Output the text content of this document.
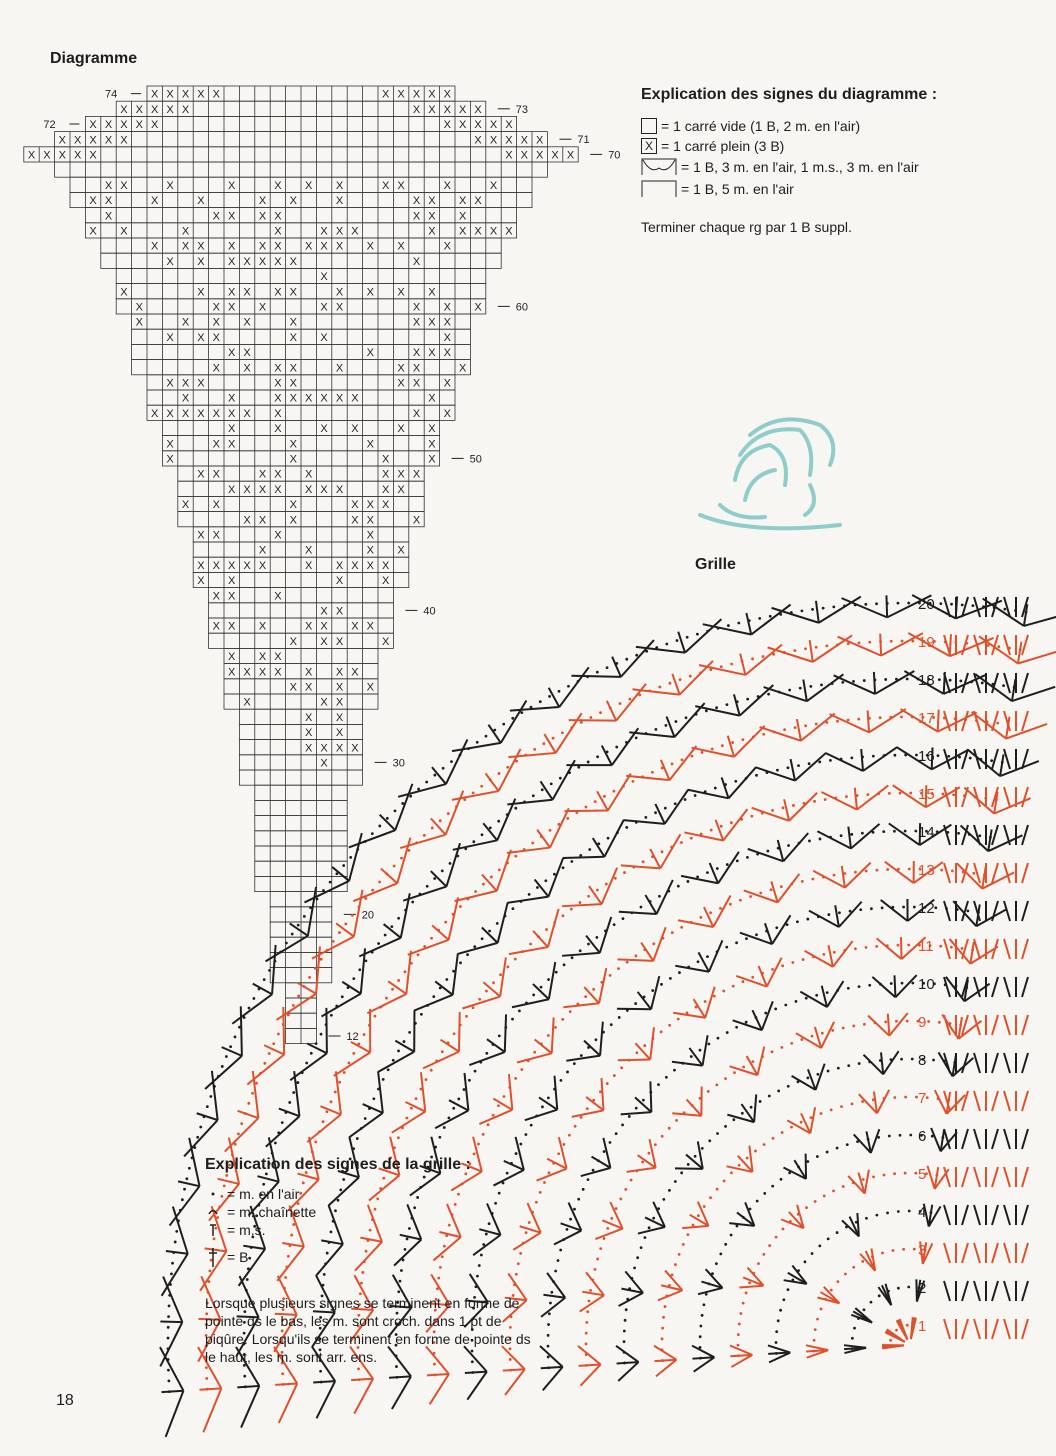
Diagramme
X X X X X	X X X X X
X X X X X	X X X X X
X X X X X	X X X X X
X X X X X	X X X X X
X X X X X	X X X X X
X X	X	X	X X X	X X	X	X
X X	X	X	X X	X	X X X X
X	X X X X	X X X
X X	X	X	X X X	X X X X X
X X X X X X X X X X X	X
X X X X X X X	X
X
X	X X X X X	X X X X
X	X X X	X X	X X X
X	X X X	X	X X X
X X X	X X	X
X X	X	X X X
X X X X	X	X X	X
X X X	X X	X X X
X	X	X X X X X X	X
X X X X X X X X	X X
X	X	X X	X X
X	X X	X	X	X
X	X	X	X
X X	X X X	X X X
X X X X X X X	X X
X X	X	X X X
X X X	X X	X
X X	X	X
X	X	X X
X X X X X	X X X X X
X X	X	X
X X	X
X X
X X X	X X X X
X X X	X
X X X
X X X X X X X
X X X X
X	X X
X X
X X
X X X X
X
74
73
72
71
70
60
50
40
30
20
12
Explication des signes du diagramme :
= 1 carré vide (1 B, 2 m. en l'air)
X = 1 carré plein (3 B)
= 1 B, 3 m. en l'air, 1 m.s., 3 m. en l'air
= 1 B, 5 m. en l'air
Terminer chaque rg par 1 B suppl.
Grille
20
19
18
17
16
15
14
13
12
11
10
9
8
7
6
5
4
3
2
1
Explication des signes de la grille :
= m. en l'air
= m. chaînette
= m.s.
= B
Lorsque plusieurs signes se terminent en forme de pointe ds le bas, les m. sont croch. dans 1 pt de piqûre. Lorsqu'ils se terminent en forme de pointe ds le haut, les m. sont arr. ens.
18
